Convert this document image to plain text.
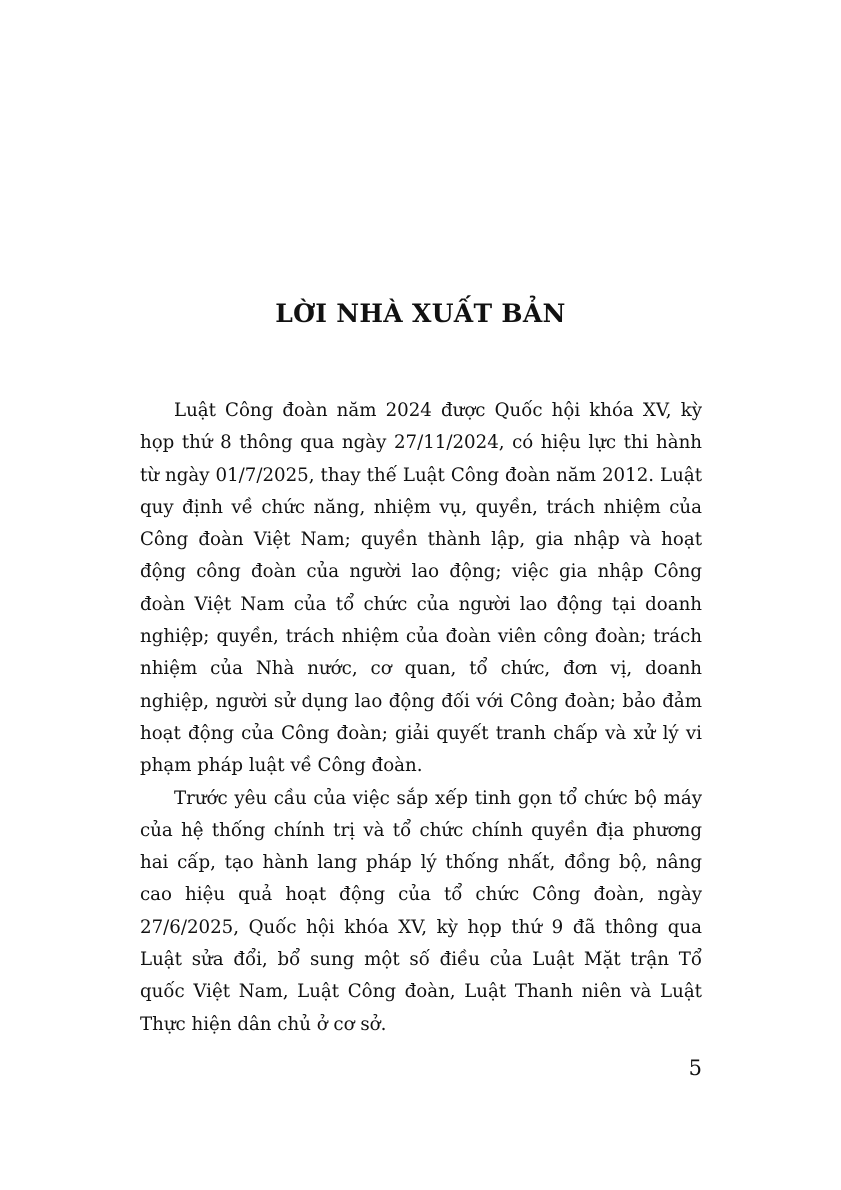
LỜI NHÀ XUẤT BẢN

Luật Công đoàn năm 2024 được Quốc hội khóa XV, kỳ họp thứ 8 thông qua ngày 27/11/2024, có hiệu lực thi hành từ ngày 01/7/2025, thay thế Luật Công đoàn năm 2012. Luật quy định về chức năng, nhiệm vụ, quyền, trách nhiệm của Công đoàn Việt Nam; quyền thành lập, gia nhập và hoạt động công đoàn của người lao động; việc gia nhập Công đoàn Việt Nam của tổ chức của người lao động tại doanh nghiệp; quyền, trách nhiệm của đoàn viên công đoàn; trách nhiệm của Nhà nước, cơ quan, tổ chức, đơn vị, doanh nghiệp, người sử dụng lao động đối với Công đoàn; bảo đảm hoạt động của Công đoàn; giải quyết tranh chấp và xử lý vi phạm pháp luật về Công đoàn.

Trước yêu cầu của việc sắp xếp tinh gọn tổ chức bộ máy của hệ thống chính trị và tổ chức chính quyền địa phương hai cấp, tạo hành lang pháp lý thống nhất, đồng bộ, nâng cao hiệu quả hoạt động của tổ chức Công đoàn, ngày 27/6/2025, Quốc hội khóa XV, kỳ họp thứ 9 đã thông qua Luật sửa đổi, bổ sung một số điều của Luật Mặt trận Tổ quốc Việt Nam, Luật Công đoàn, Luật Thanh niên và Luật Thực hiện dân chủ ở cơ sở.

5
